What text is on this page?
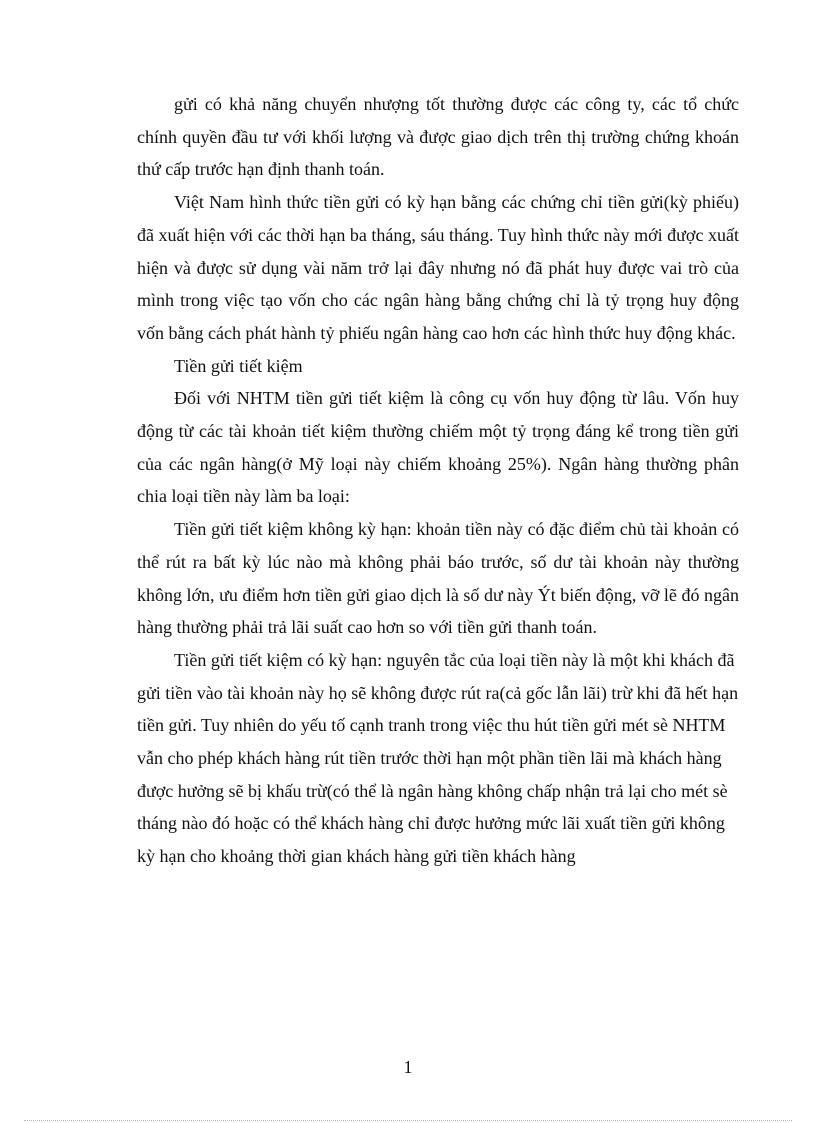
gửi có khả năng chuyển nhượng tốt thường được các công ty, các tổ chức chính quyền đầu tư với khối lượng và được giao dịch trên thị trường chứng khoán thứ cấp trước hạn định thanh toán.

Việt Nam hình thức tiền gửi có kỳ hạn bằng các chứng chỉ tiền gửi(kỳ phiếu) đã xuất hiện với các thời hạn ba tháng, sáu tháng. Tuy hình thức này mới được xuất hiện và được sử dụng vài năm trở lại đây nhưng nó đã phát huy được vai trò của mình trong việc tạo vốn cho các ngân hàng bằng chứng chỉ là tỷ trọng huy động vốn bằng cách phát hành tỷ phiếu ngân hàng cao hơn các hình thức huy động khác.

Tiền gửi tiết kiệm

Đối với NHTM tiền gửi tiết kiệm là công cụ vốn huy động từ lâu. Vốn huy động từ các tài khoản tiết kiệm thường chiếm một tỷ trọng đáng kể trong tiền gửi của các ngân hàng(ở Mỹ loại này chiếm khoảng 25%). Ngân hàng thường phân chia loại tiền này làm ba loại:

Tiền gửi tiết kiệm không kỳ hạn: khoản tiền này có đặc điểm chủ tài khoản có thể rút ra bất kỳ lúc nào mà không phải báo trước, số dư tài khoản này thường không lớn, ưu điểm hơn tiền gửi giao dịch là số dư này Ýt biến động, vỡ lẽ đó ngân hàng thường phải trả lãi suất cao hơn so với tiền gửi thanh toán.

Tiền gửi tiết kiệm có kỳ hạn: nguyên tắc của loại tiền này là một khi khách đã gửi tiền vào tài khoản này họ sẽ không được rút ra(cả gốc lẫn lãi) trừ khi đã hết hạn tiền gửi. Tuy nhiên do yếu tố cạnh tranh trong việc thu hút tiền gửi mét sè NHTM vẫn cho phép khách hàng rút tiền trước thời hạn một phần tiền lãi mà khách hàng được hưởng sẽ bị khấu trừ(có thể là ngân hàng không chấp nhận trả lại cho mét sè tháng nào đó hoặc có thể khách hàng chỉ được hưởng mức lãi xuất tiền gửi không kỳ hạn cho khoảng thời gian khách hàng gửi tiền khách hàng

1
